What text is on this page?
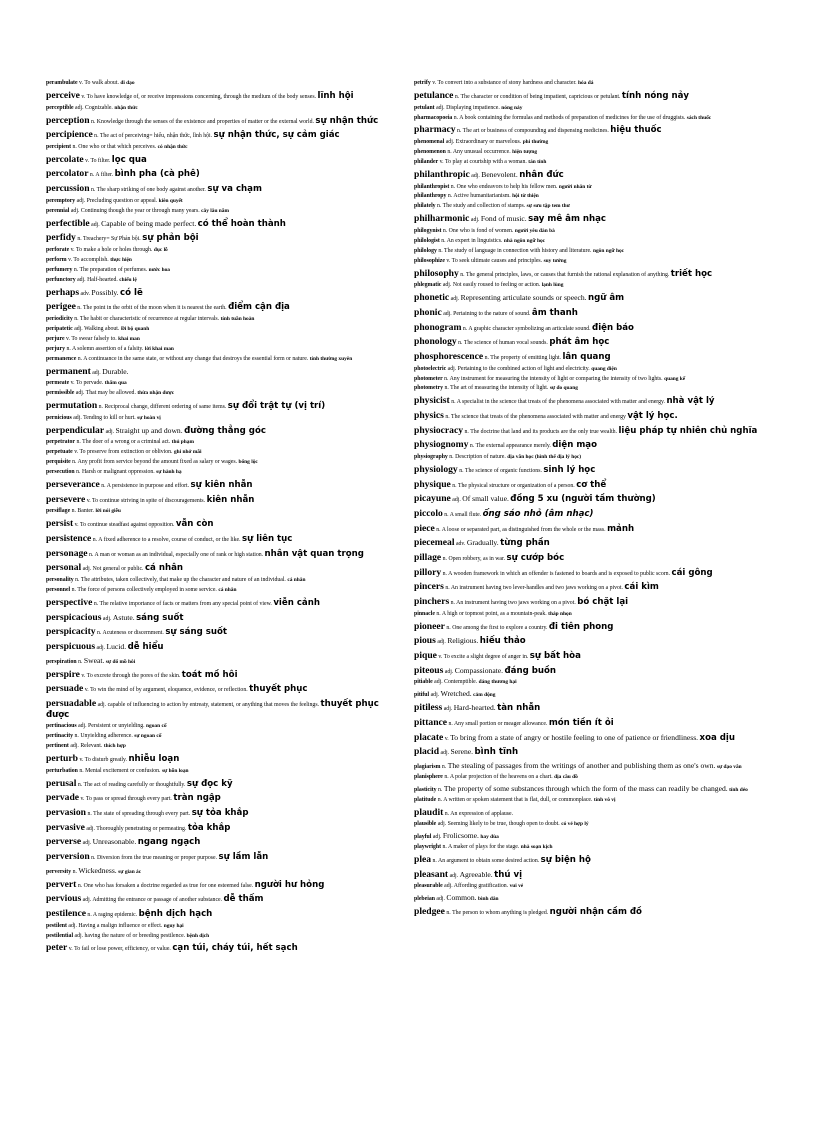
perambulate v. To walk about. đi dạo
perceive v. To have knowledge of, or receive impressions concerning, through the medium of the body senses. lĩnh hội
perceptible adj. Cognizable. nhận thức
perception n. Knowledge through the senses of the existence and properties of matter or the external world. sự nhận thức
percipience n. The act of perceiving= hiểu, nhận thức, lĩnh hội. sự nhận thức, sự cảm giác
percipient n. One who or that which perceives. có nhận thức
percolate v. To filter. lọc qua
percolator n. A filter. bình pha (cà phê)
percussion n. The sharp striking of one body against another. sự va chạm
peremptory adj. Precluding question or appeal. kiên quyết
perennial adj. Continuing though the year or through many years. cây lâu năm
perfectible adj. Capable of being made perfect. có thể hoàn thành
perfidy n. Treachery= Sự Phản bội. sự phản bội
perforate v. To make a hole or holes through. đục lỗ
perform v. To accomplish. thực hiện
perfumery n. The preparation of perfumes. nước hoa
perfunctory adj. Half-hearted. chiếu lệ
perhaps adv. Possibly. có lẽ
perigee n. The point in the orbit of the moon when it is nearest the earth. điểm cận địa
periodicity n. The habit or characteristic of recurrence at regular intervals. tính tuần hoàn
peripatetic adj. Walking about. Đi bộ quanh
perjure v. To swear falsely to. khai man
perjury n. A solemn assertion of a falsity. lời khai man
permanence n. A continuance in the same state, or without any change that destroys the essential form or nature. tính thường xuyên
permanent adj. Durable.
permeate v. To pervade. thấm qua
permissible adj. That may be allowed. thừa nhận được
permutation n. Reciprocal change, different ordering of same items. sự đổi trật tự (vị trí)
pernicious adj. Tending to kill or hurt. sự hoàn vị
perpendicular adj. Straight up and down. đường thẳng góc
perpetrator n. The doer of a wrong or a criminal act. thủ phạm
perpetuate v. To preserve from extinction or oblivion. ghi nhớ mãi
perquisite n. Any profit from service beyond the amount fixed as salary or wages. bổng lộc
persecution n. Harsh or malignant oppression. sự hành hạ
perseverance n. A persistence in purpose and effort. sự kiên nhẫn
persevere v. To continue striving in spite of discouragements. kiên nhẫn
persiflage n. Banter. lời nói giễu
persist v. To continue steadfast against opposition. vẫn còn
persistence n. A fixed adherence to a resolve, course of conduct, or the like. sự liên tục
personage n. A man or woman as an individual, especially one of rank or high station. nhân vật quan trọng
personal adj. Not general or public. cá nhân
personality n. The attributes, taken collectively, that make up the character and nature of an individual. cá nhân
personnel n. The force of persons collectively employed in some service. cá nhân
perspective n. The relative importance of facts or matters from any special point of view. viễn cảnh
perspicacious adj. Astute. sáng suốt
perspicacity n. Acuteness or discernment. sự sáng suốt
perspicuous adj. Lucid. dễ hiểu
perspiration n. Sweat. sự đổ mồ hôi
perspire v. To excrete through the pores of the skin. toát mồ hôi
persuade v. To win the mind of by argument, eloquence, evidence, or reflection. thuyết phục
persuadable adj. capable of influencing to action by entreaty, statement, or anything that moves the feelings. thuyết phục được
pertinacious adj. Persistent or unyielding. ngoan cố
pertinacity n. Unyielding adherence. sự ngoan cố
pertinent adj. Relevant. thích hợp
perturb v. To disturb greatly. nhiễu loạn
perturbation n. Mental excitement or confusion. sự hỗn loạn
perusal n. The act of reading carefully or thoughtfully. sự đọc kỹ
pervade v. To pass or spread through every part. tràn ngập
pervasion n. The state of spreading through every part. sự tỏa khắp
pervasive adj. Thoroughly penetrating or permeating. tỏa khắp
perverse adj. Unreasonable. ngang ngạch
perversion n. Diversion from the true meaning or proper purpose. sự lầm lẫn
perversity n. Wickedness. sự gian ác
pervert n. One who has forsaken a doctrine regarded as true for one esteemed false. người hư hỏng
pervious adj. Admitting the entrance or passage of another substance. dễ thấm
pestilence n. A raging epidemic. bệnh dịch hạch
pestilent adj. Having a malign influence or effect. nguy hại
pestilential adj. having the nature of or breeding pestilence. bệnh dịch
peter v. To fail or lose power, efficiency, or value. cạn túi, cháy túi, hết sạch
petrify v. To convert into a substance of stony hardness and character. hóa đá
petulance n. The character or condition of being impatient, capricious or petulant. tính nóng nảy
petulant adj. Displaying impatience. nóng nảy
pharmacopoeia n. A book containing the formulas and methods of preparation of medicines for the use of druggists. sách thuốc
pharmacy n. The art or business of compounding and dispensing medicines. hiệu thuốc
phenomenal adj. Extraordinary or marvelous. phi thường
phenomenon n. Any unusual occurrence. hiện tượng
philander v. To play at courtship with a woman. tán tỉnh
philanthropic adj. Benevolent. nhân đức
philanthropist n. One who endeavors to help his fellow men. người nhân từ
philanthropy n. Active humanitarianism. hội từ thiện
philately n. The study and collection of stamps. sự sưu tập tem thư
philharmonic adj. Fond of music. say mê âm nhạc
philogynist n. One who is fond of women. người yêu đàn bà
philologist n. An expert in linguistics. nhà ngôn ngữ học
philology n. The study of language in connection with history and literature. ngôn ngữ học
philosophize v. To seek ultimate causes and principles. suy tưởng
philosophy n. The general principles, laws, or causes that furnish the rational explanation of anything. triết học
phlegmatic adj. Not easily roused to feeling or action. lạnh lùng
phonetic adj. Representing articulate sounds or speech. ngữ âm
phonic adj. Pertaining to the nature of sound. âm thanh
phonogram n. A graphic character symbolizing an articulate sound. điện báo
phonology n. The science of human vocal sounds. phát âm học
phosphorescence n. The property of emitting light. lân quang
photoelectric adj. Pertaining to the combined action of light and electricity. quang điện
photometer n. Any instrument for measuring the intensity of light or comparing the intensity of two lights. quang kế
photometry n. The art of measuring the intensity of light. sự đo quang
physicist n. A specialist in the science that treats of the phenomena associated with matter and energy. nhà vật lý
physics n. The science that treats of the phenomena associated with matter and energy vật lý học.
physiocracy n. The doctrine that land and its products are the only true wealth. liệu pháp tự nhiên chủ nghĩa
physiognomy n. The external appearance merely. diện mạo
physiography n. Description of nature. địa văn học (hình thể địa lý học)
physiology n. The science of organic functions. sinh lý học
physique n. The physical structure or organization of a person. cơ thể
picayune adj. Of small value. đồng 5 xu (người tầm thường)
piccolo n. A small flute. ống sáo nhỏ (âm nhạc)
piece n. A loose or separated part, as distinguished from the whole or the mass. mảnh
piecemeal adv. Gradually. từng phần
pillage n. Open robbery, as in war. sự cướp bóc
pillory n. A wooden framework in which an offender is fastened to boards and is exposed to public scorn. cái gông
pincers n. An instrument having two lever-handles and two jaws working on a pivot. cái kìm
pinchers n. An instrument having two jaws working on a pivot. bó chặt lại
pinnacle n. A high or topmost point, as a mountain-peak. tháp nhọn
pioneer n. One among the first to explore a country. đi tiên phong
pious adj. Religious. hiếu thảo
pique v. To excite a slight degree of anger in. sự bất hòa
piteous adj. Compassionate. đáng buồn
pitiable adj. Contemptible. đáng thương hại
pitiful adj. Wretched. cảm động
pitiless adj. Hard-hearted. tàn nhẫn
pittance n. Any small portion or meager allowance. món tiền ít ỏi
placate v. To bring from a state of angry or hostile feeling to one of patience or friendliness. xoa dịu
placid adj. Serene. bình tĩnh
plagiarism n. The stealing of passages from the writings of another and publishing them as one's own. sự đạo văn
planisphere n. A polar projection of the heavens on a chart. địa cầu đồ
plasticity n. The property of some substances through which the form of the mass can readily be changed. tính dẻo
platitude n. A written or spoken statement that is flat, dull, or commonplace. tính vô vị
plaudit n. An expression of applause.
plausible adj. Seeming likely to be true, though open to doubt. có vẻ hợp lý
playful adj. Frolicsome. hay đùa
playwright n. A maker of plays for the stage. nhà soạn kịch
plea n. An argument to obtain some desired action. sự biện hộ
pleasant adj. Agreeable. thú vị
pleasurable adj. Affording gratification. vui vẻ
plebeian adj. Common. bình dân
pledgee n. The person to whom anything is pledged. người nhận cầm đồ
